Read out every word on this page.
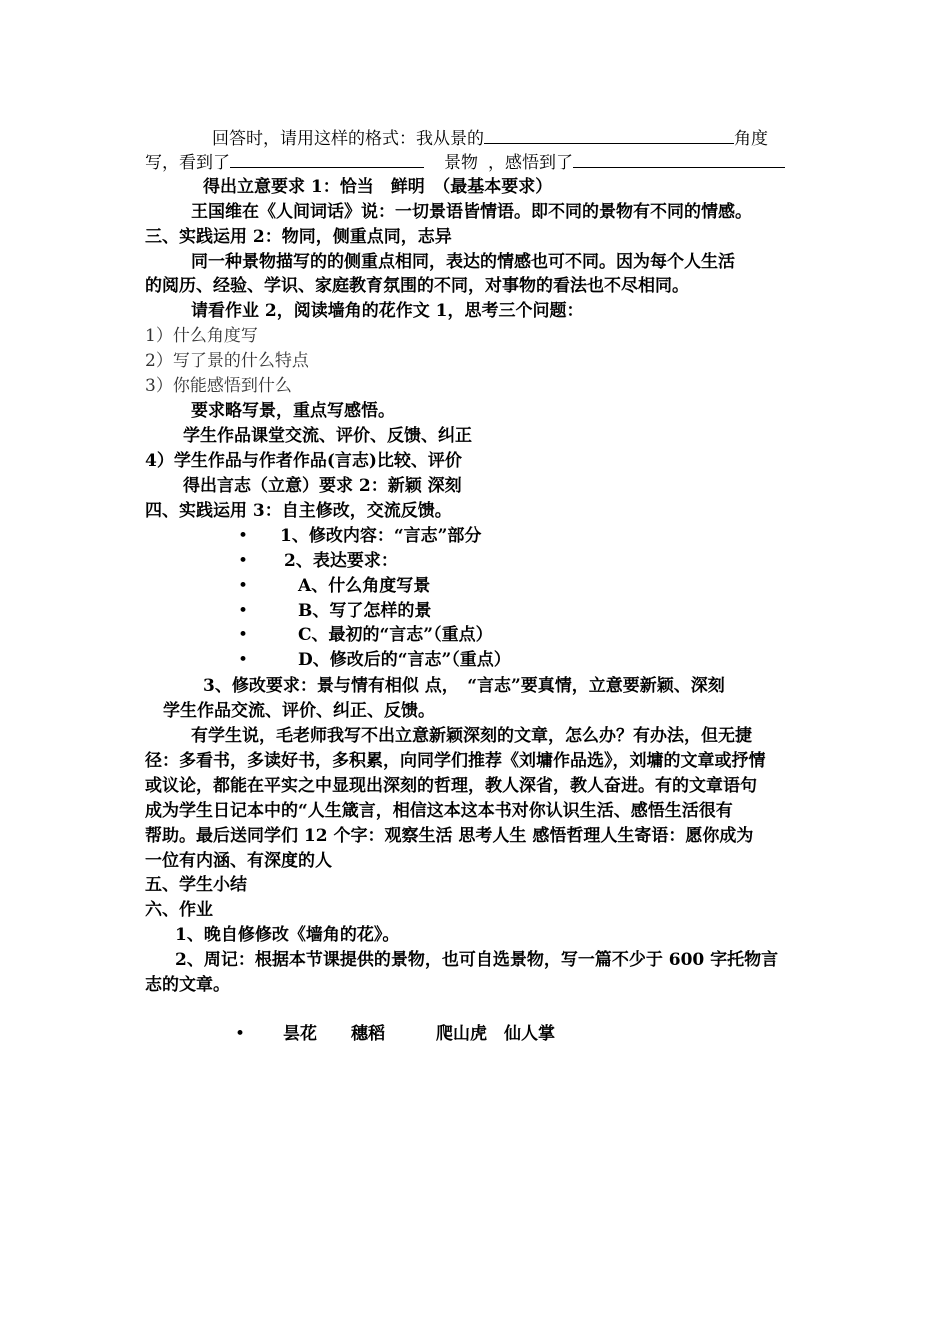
回答时，请用这样的格式：我从景的	角度
写，看到了	景物 ，感悟到了
得出立意要求 1：恰当　鲜明　（最基本要求）
王国维在《人间词话》说：一切景语皆情语。即不同的景物有不同的情感。
三、实践运用 2：物同，侧重点同，志异
同一种景物描写的的侧重点相同，表达的情感也可不同。因为每个人生活
的阅历、经验、学识、家庭教育氛围的不同，对事物的看法也不尽相同。
请看作业 2，阅读墙角的花作文 1，思考三个问题：
1）什么角度写
2）写了景的什么特点
3）你能感悟到什么
要求略写景，重点写感悟。
学生作品课堂交流、评价、反馈、纠正
4）学生作品与作者作品(言志)比较、评价
得出言志（立意）要求 2：新颖 深刻
四、实践运用 3：自主修改，交流反馈。
• 1、修改内容：“言志”部分
• 2、表达要求：
•	A、什么角度写景
•	B、写了怎样的景
•	C、最初的“言志”（重点）
•	D、修改后的“言志”（重点）
3、修改要求：景与情有相似 点，　“言志”要真情，立意要新颖、深刻
学生作品交流、评价、纠正、反馈。
有学生说，毛老师我写不出立意新颖深刻的文章，怎么办？有办法，但无捷
径：多看书，多读好书，多积累，向同学们推荐《刘墉作品选》，刘墉的文章或抒情
或议论，都能在平实之中显现出深刻的哲理，教人深省，教人奋进。有的文章语句
成为学生日记本中的“人生箴言，相信这本这本书对你认识生活、感悟生活很有
帮助。最后送同学们 12 个字：观察生活 思考人生 感悟哲理人生寄语：愿你成为
一位有内涵、有深度的人
五、学生小结
六、作业
1、晚自修修改《墙角的花》。
2、周记：根据本节课提供的景物，也可自选景物，写一篇不少于 600 字托物言
志的文章。
• 昙花　　穗稻　　　爬山虎　仙人掌
